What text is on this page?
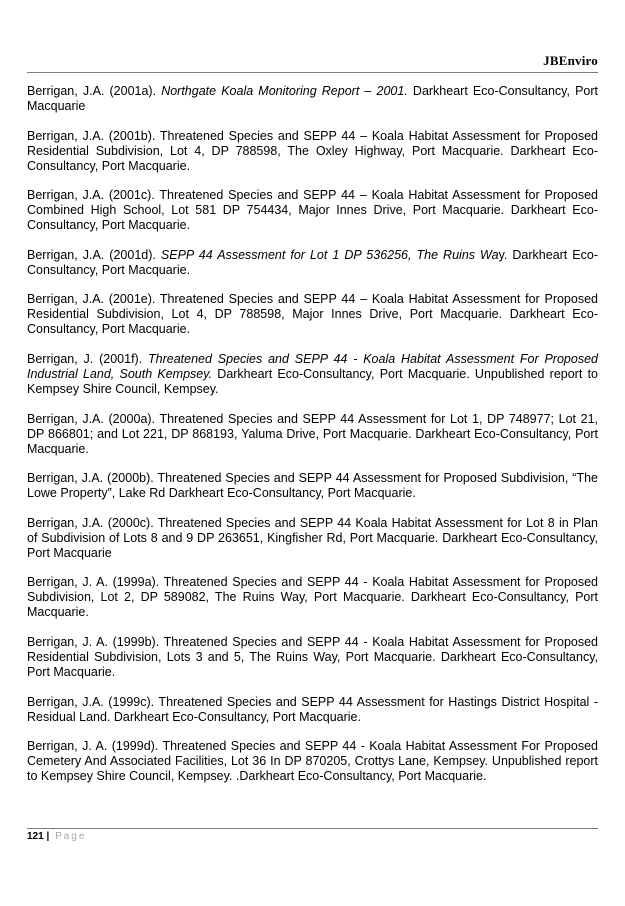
JBEnviro
Berrigan, J.A. (2001a). Northgate Koala Monitoring Report – 2001. Darkheart Eco-Consultancy, Port Macquarie
Berrigan, J.A. (2001b). Threatened Species and SEPP 44 – Koala Habitat Assessment for Proposed Residential Subdivision, Lot 4, DP 788598, The Oxley Highway, Port Macquarie. Darkheart Eco-Consultancy, Port Macquarie.
Berrigan, J.A. (2001c). Threatened Species and SEPP 44 – Koala Habitat Assessment for Proposed Combined High School, Lot 581 DP 754434, Major Innes Drive, Port Macquarie. Darkheart Eco-Consultancy, Port Macquarie.
Berrigan, J.A. (2001d). SEPP 44 Assessment for Lot 1 DP 536256, The Ruins Way. Darkheart Eco-Consultancy, Port Macquarie.
Berrigan, J.A. (2001e). Threatened Species and SEPP 44 – Koala Habitat Assessment for Proposed Residential Subdivision, Lot 4, DP 788598, Major Innes Drive, Port Macquarie. Darkheart Eco-Consultancy, Port Macquarie.
Berrigan, J. (2001f). Threatened Species and SEPP 44 - Koala Habitat Assessment For Proposed Industrial Land, South Kempsey. Darkheart Eco-Consultancy, Port Macquarie. Unpublished report to Kempsey Shire Council, Kempsey.
Berrigan, J.A. (2000a). Threatened Species and SEPP 44 Assessment for Lot 1, DP 748977; Lot 21, DP 866801; and Lot 221, DP 868193, Yaluma Drive, Port Macquarie. Darkheart Eco-Consultancy, Port Macquarie.
Berrigan, J.A. (2000b). Threatened Species and SEPP 44 Assessment for Proposed Subdivision, “The Lowe Property”, Lake Rd Darkheart Eco-Consultancy, Port Macquarie.
Berrigan, J.A. (2000c). Threatened Species and SEPP 44 Koala Habitat Assessment for Lot 8 in Plan of Subdivision of Lots 8 and 9 DP 263651, Kingfisher Rd, Port Macquarie. Darkheart Eco-Consultancy, Port Macquarie
Berrigan, J. A. (1999a). Threatened Species and SEPP 44 - Koala Habitat Assessment for Proposed Subdivision, Lot 2, DP 589082, The Ruins Way, Port Macquarie. Darkheart Eco-Consultancy, Port Macquarie.
Berrigan, J. A. (1999b). Threatened Species and SEPP 44 - Koala Habitat Assessment for Proposed Residential Subdivision, Lots 3 and 5, The Ruins Way, Port Macquarie. Darkheart Eco-Consultancy, Port Macquarie.
Berrigan, J.A. (1999c). Threatened Species and SEPP 44 Assessment for Hastings District Hospital - Residual Land. Darkheart Eco-Consultancy, Port Macquarie.
Berrigan, J. A. (1999d). Threatened Species and SEPP 44 - Koala Habitat Assessment For Proposed Cemetery And Associated Facilities, Lot 36 In DP 870205, Crottys Lane, Kempsey. Unpublished report to Kempsey Shire Council, Kempsey. .Darkheart Eco-Consultancy, Port Macquarie.
121 | Page
